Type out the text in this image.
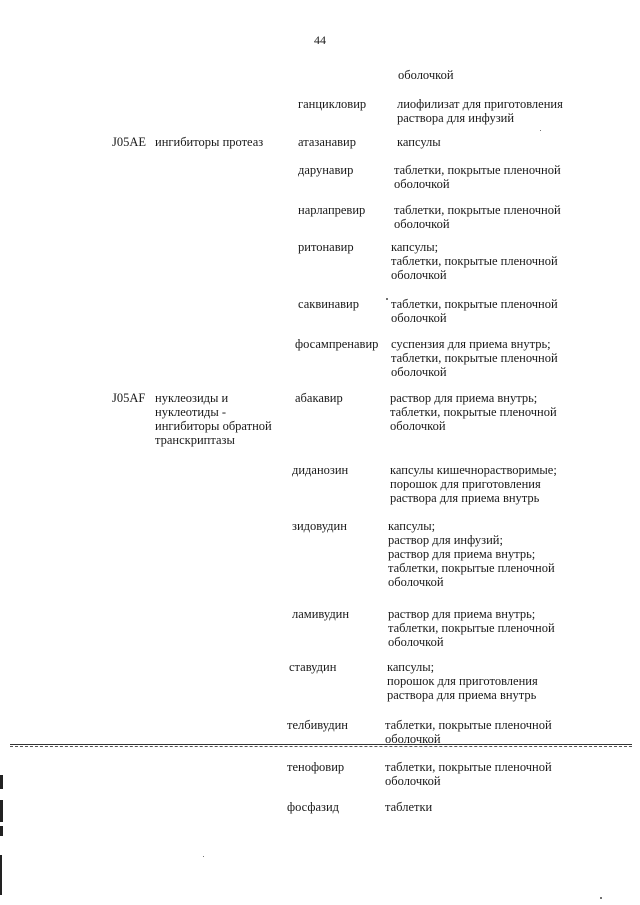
44
оболочкой
ганцикловир	лиофилизат для приготовления
раствора для инфузий
J05AE ингибиторы протеаз	атазанавир	капсулы
дарунавир	таблетки, покрытые пленочной
оболочкой
нарлапревир	таблетки, покрытые пленочной
оболочкой
ритонавир	капсулы;
таблетки, покрытые пленочной
оболочкой
саквинавир	таблетки, покрытые пленочной
оболочкой
фосампренавир	суспензия для приема внутрь;
таблетки, покрытые пленочной
оболочкой
J05AF нуклеозиды и
нуклеотиды -
ингибиторы обратной
транскриптазы
абакавир	раствор для приема внутрь;
таблетки, покрытые пленочной
оболочкой
диданозин	капсулы кишечнорастворимые;
порошок для приготовления
раствора для приема внутрь
зидовудин	капсулы;
раствор для инфузий;
раствор для приема внутрь;
таблетки, покрытые пленочной
оболочкой
ламивудин	раствор для приема внутрь;
таблетки, покрытые пленочной
оболочкой
ставудин	капсулы;
порошок для приготовления
раствора для приема внутрь
телбивудин	таблетки, покрытые пленочной
оболочкой
тенофовир	таблетки, покрытые пленочной
оболочкой
фосфазид	таблетки
